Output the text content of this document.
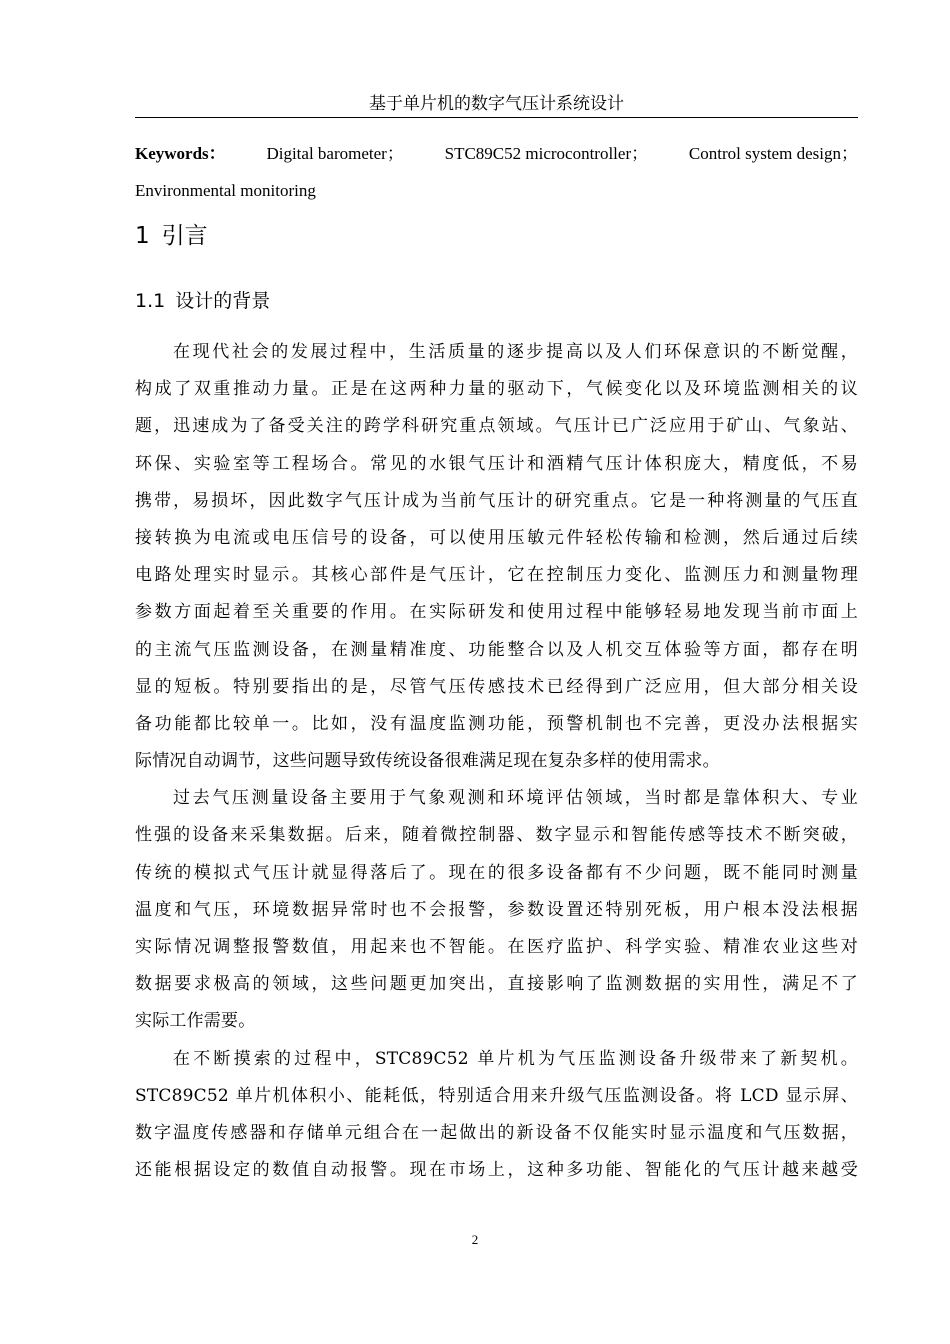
基于单片机的数字气压计系统设计
Keywords： Digital barometer； STC89C52 microcontroller； Control system design；
Environmental monitoring
1 引言
1.1 设计的背景
在现代社会的发展过程中，生活质量的逐步提高以及人们环保意识的不断觉醒，
构成了双重推动力量。正是在这两种力量的驱动下，气候变化以及环境监测相关的议
题，迅速成为了备受关注的跨学科研究重点领域。气压计已广泛应用于矿山、气象站、
环保、实验室等工程场合。常见的水银气压计和酒精气压计体积庞大，精度低，不易
携带，易损坏，因此数字气压计成为当前气压计的研究重点。它是一种将测量的气压直
接转换为电流或电压信号的设备，可以使用压敏元件轻松传输和检测，然后通过后续
电路处理实时显示。其核心部件是气压计，它在控制压力变化、监测压力和测量物理
参数方面起着至关重要的作用。在实际研发和使用过程中能够轻易地发现当前市面上
的主流气压监测设备，在测量精准度、功能整合以及人机交互体验等方面，都存在明
显的短板。特别要指出的是，尽管气压传感技术已经得到广泛应用，但大部分相关设
备功能都比较单一。比如，没有温度监测功能，预警机制也不完善，更没办法根据实
际情况自动调节，这些问题导致传统设备很难满足现在复杂多样的使用需求。
过去气压测量设备主要用于气象观测和环境评估领域，当时都是靠体积大、专业
性强的设备来采集数据。后来，随着微控制器、数字显示和智能传感等技术不断突破，
传统的模拟式气压计就显得落后了。现在的很多设备都有不少问题，既不能同时测量
温度和气压，环境数据异常时也不会报警，参数设置还特别死板，用户根本没法根据
实际情况调整报警数值，用起来也不智能。在医疗监护、科学实验、精准农业这些对
数据要求极高的领域，这些问题更加突出，直接影响了监测数据的实用性，满足不了
实际工作需要。
在不断摸索的过程中，STC89C52 单片机为气压监测设备升级带来了新契机。
STC89C52 单片机体积小、能耗低，特别适合用来升级气压监测设备。将 LCD 显示屏、
数字温度传感器和存储单元组合在一起做出的新设备不仅能实时显示温度和气压数据，
还能根据设定的数值自动报警。现在市场上，这种多功能、智能化的气压计越来越受
2
